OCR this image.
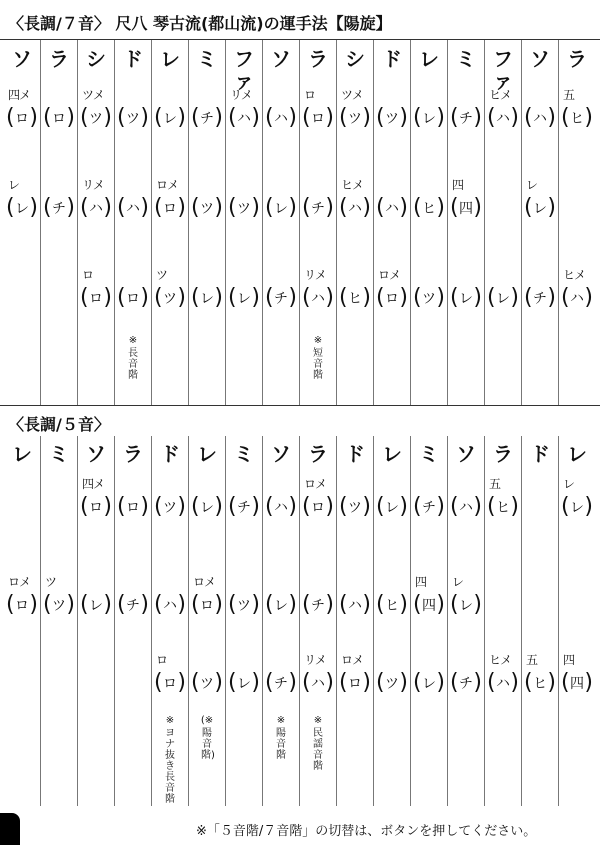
〈長調/７音〉 尺八 琴古流(都山流)の運手法【陽旋】
ソ
四メ
( ロ )
レ
( レ )
ラ
( ロ )
( チ )
シ
ツメ
( ツ )
リメ
( ハ )
ロ
( ロ )
ド
( ツ )
( ハ )
( ロ )
レ
( レ )
ロメ
( ロ )
ツ
( ツ )
ミ
( チ )
( ツ )
( レ )
ファ
リメ
( ハ )
( ツ )
( レ )
ソ
( ハ )
( レ )
( チ )
ラ
ロ
( ロ )
( チ )
リメ
( ハ )
シ
ツメ
( ツ )
ヒメ
( ハ )
( ヒ )
ド
( ツ )
( ハ )
ロメ
( ロ )
レ
( レ )
( ヒ )
( ツ )
ミ
( チ )
四
( 四 )
( レ )
ファ
ヒメ
( ハ )
( レ )
ソ
( ハ )
レ
( レ )
( チ )
ラ
五
( ヒ )
ヒメ
( ハ )
※
長音階
※
短音階
〈長調/５音〉
レ
ロメ
( ロ )
ミ
ツ
( ツ )
ソ
四メ
( ロ )
( レ )
ラ
( ロ )
( チ )
ド
( ツ )
( ハ )
ロ
( ロ )
レ
( レ )
ロメ
( ロ )
( ツ )
ミ
( チ )
( ツ )
( レ )
ソ
( ハ )
( レ )
( チ )
ラ
ロメ
( ロ )
( チ )
リメ
( ハ )
ド
( ツ )
( ハ )
ロメ
( ロ )
レ
( レ )
( ヒ )
( ツ )
ミ
( チ )
四
( 四 )
( レ )
ソ
( ハ )
レ
( レ )
( チ )
ラ
五
( ヒ )
ヒメ
( ハ )
ド
五
( ヒ )
レ
レ
( レ )
四
( 四 )
※
ヨナ抜き長音階
(※
陽音階)
※
陽音階
※
民謡音階
※「５音階/７音階」の切替は、ボタンを押してください。
